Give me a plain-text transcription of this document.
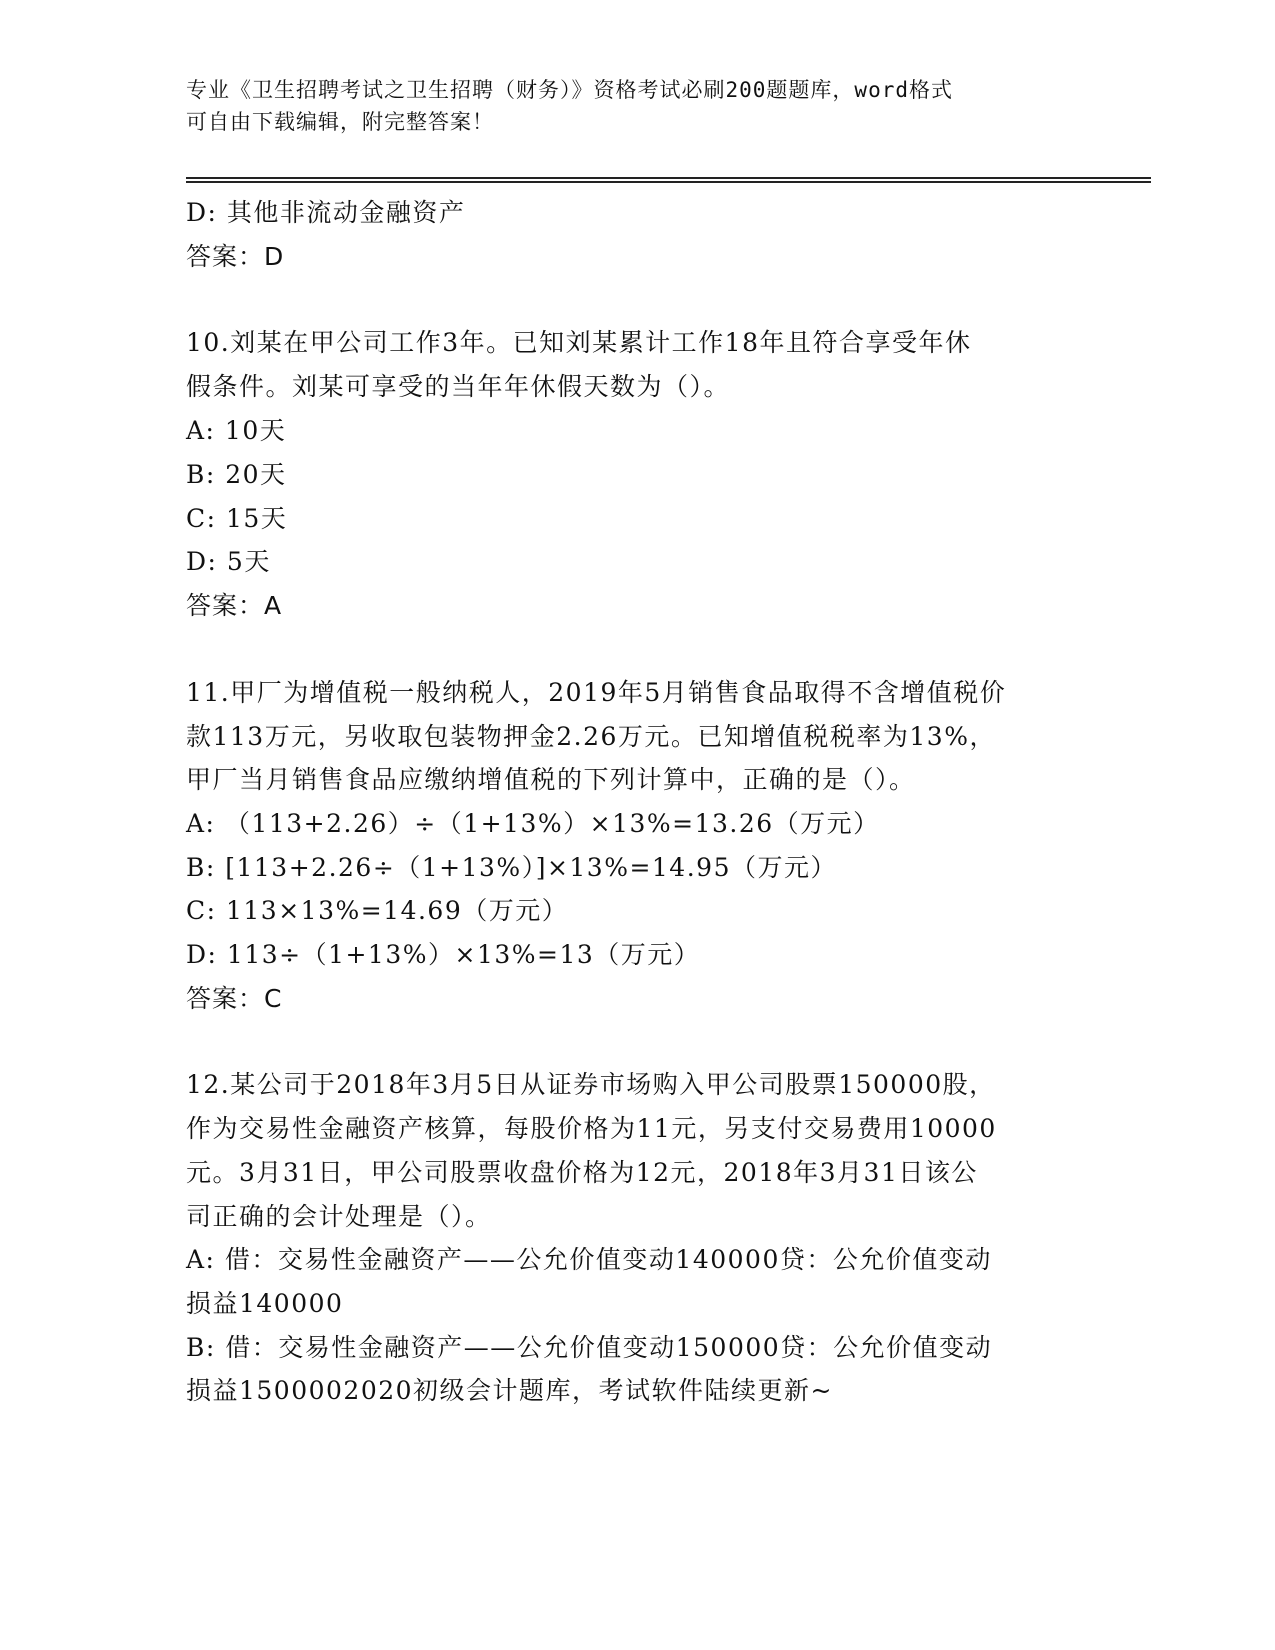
专业《卫生招聘考试之卫生招聘（财务）》资格考试必刷200题题库，word格式
可自由下载编辑，附完整答案！
D: 其他非流动金融资产
答案：D
10.刘某在甲公司工作3年。已知刘某累计工作18年且符合享受年休
假条件。刘某可享受的当年年休假天数为（）。
A: 10天
B: 20天
C: 15天
D: 5天
答案：A
11.甲厂为增值税一般纳税人，2019年5月销售食品取得不含增值税价
款113万元，另收取包装物押金2.26万元。已知增值税税率为13%，
甲厂当月销售食品应缴纳增值税的下列计算中，正确的是（）。
A: （113+2.26）÷（1+13%）×13%=13.26（万元）
B: [113+2.26÷（1+13%）]×13%=14.95（万元）
C: 113×13%=14.69（万元）
D: 113÷（1+13%）×13%=13（万元）
答案：C
12.某公司于2018年3月5日从证券市场购入甲公司股票150000股，
作为交易性金融资产核算，每股价格为11元，另支付交易费用10000
元。3月31日，甲公司股票收盘价格为12元，2018年3月31日该公
司正确的会计处理是（）。
A: 借：交易性金融资产——公允价值变动140000贷：公允价值变动
损益140000
B: 借：交易性金融资产——公允价值变动150000贷：公允价值变动
损益1500002020初级会计题库，考试软件陆续更新~
